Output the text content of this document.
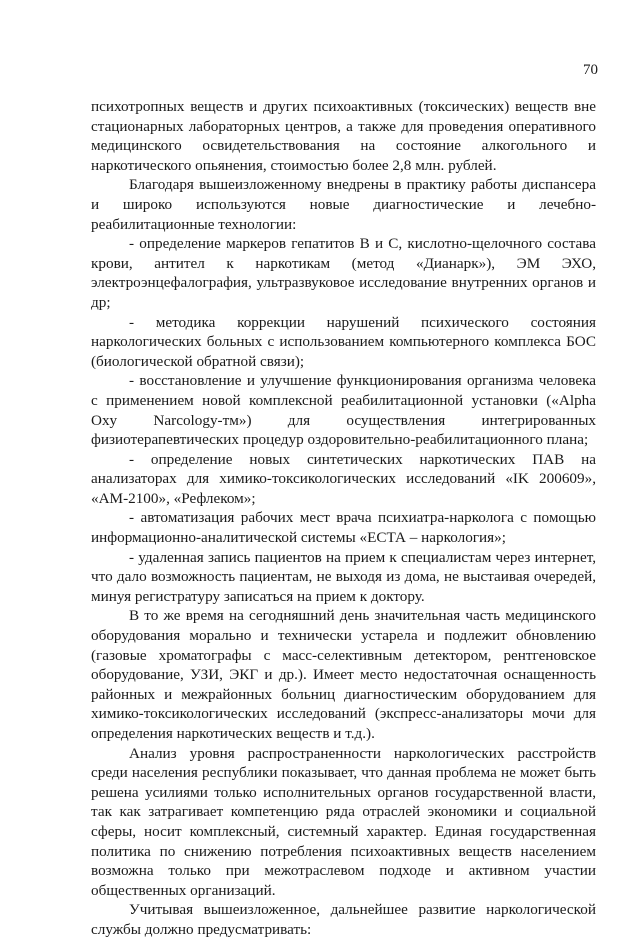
70

психотропных веществ и других психоактивных (токсических) веществ вне стационарных лабораторных центров, а также для проведения оперативного медицинского освидетельствования на состояние алкогольного и наркотического опьянения, стоимостью более 2,8 млн. рублей.

Благодаря вышеизложенному внедрены в практику работы диспансера и широко используются новые диагностические и лечебно-реабилитационные технологии:

- определение маркеров гепатитов В и С, кислотно-щелочного состава крови, антител к наркотикам (метод «Дианарк»), ЭМ ЭХО, электроэнцефалография, ультразвуковое исследование внутренних органов и др;

- методика коррекции нарушений психического состояния наркологических больных с использованием компьютерного комплекса БОС (биологической обратной связи);

- восстановление и улучшение функционирования организма человека с применением новой комплексной реабилитационной установки («Alpha Oxy Narcology-тм») для осуществления интегрированных физиотерапевтических процедур оздоровительно-реабилитационного плана;

- определение новых синтетических наркотических ПАВ на анализаторах для химико-токсикологических исследований «IK 200609», «АМ-2100», «Рефлеком»;

- автоматизация рабочих мест врача психиатра-нарколога с помощью информационно-аналитической системы «ЕСТА – наркология»;

- удаленная запись пациентов на прием к специалистам через интернет, что дало возможность пациентам, не выходя из дома, не выстаивая очередей, минуя регистратуру записаться на прием к доктору.

В то же время на сегодняшний день значительная часть медицинского оборудования морально и технически устарела и подлежит обновлению (газовые хроматографы с масс-селективным детектором, рентгеновское оборудование, УЗИ, ЭКГ и др.). Имеет место недостаточная оснащенность районных и межрайонных больниц диагностическим оборудованием для химико-токсикологических исследований (экспресс-анализаторы мочи для определения наркотических веществ и т.д.).

Анализ уровня распространенности наркологических расстройств среди населения республики показывает, что данная проблема не может быть решена усилиями только исполнительных органов государственной власти, так как затрагивает компетенцию ряда отраслей экономики и социальной сферы, носит комплексный, системный характер. Единая государственная политика по снижению потребления психоактивных веществ населением возможна только при межотраслевом подходе и активном участии общественных организаций.

Учитывая вышеизложенное, дальнейшее развитие наркологической службы должно предусматривать:
